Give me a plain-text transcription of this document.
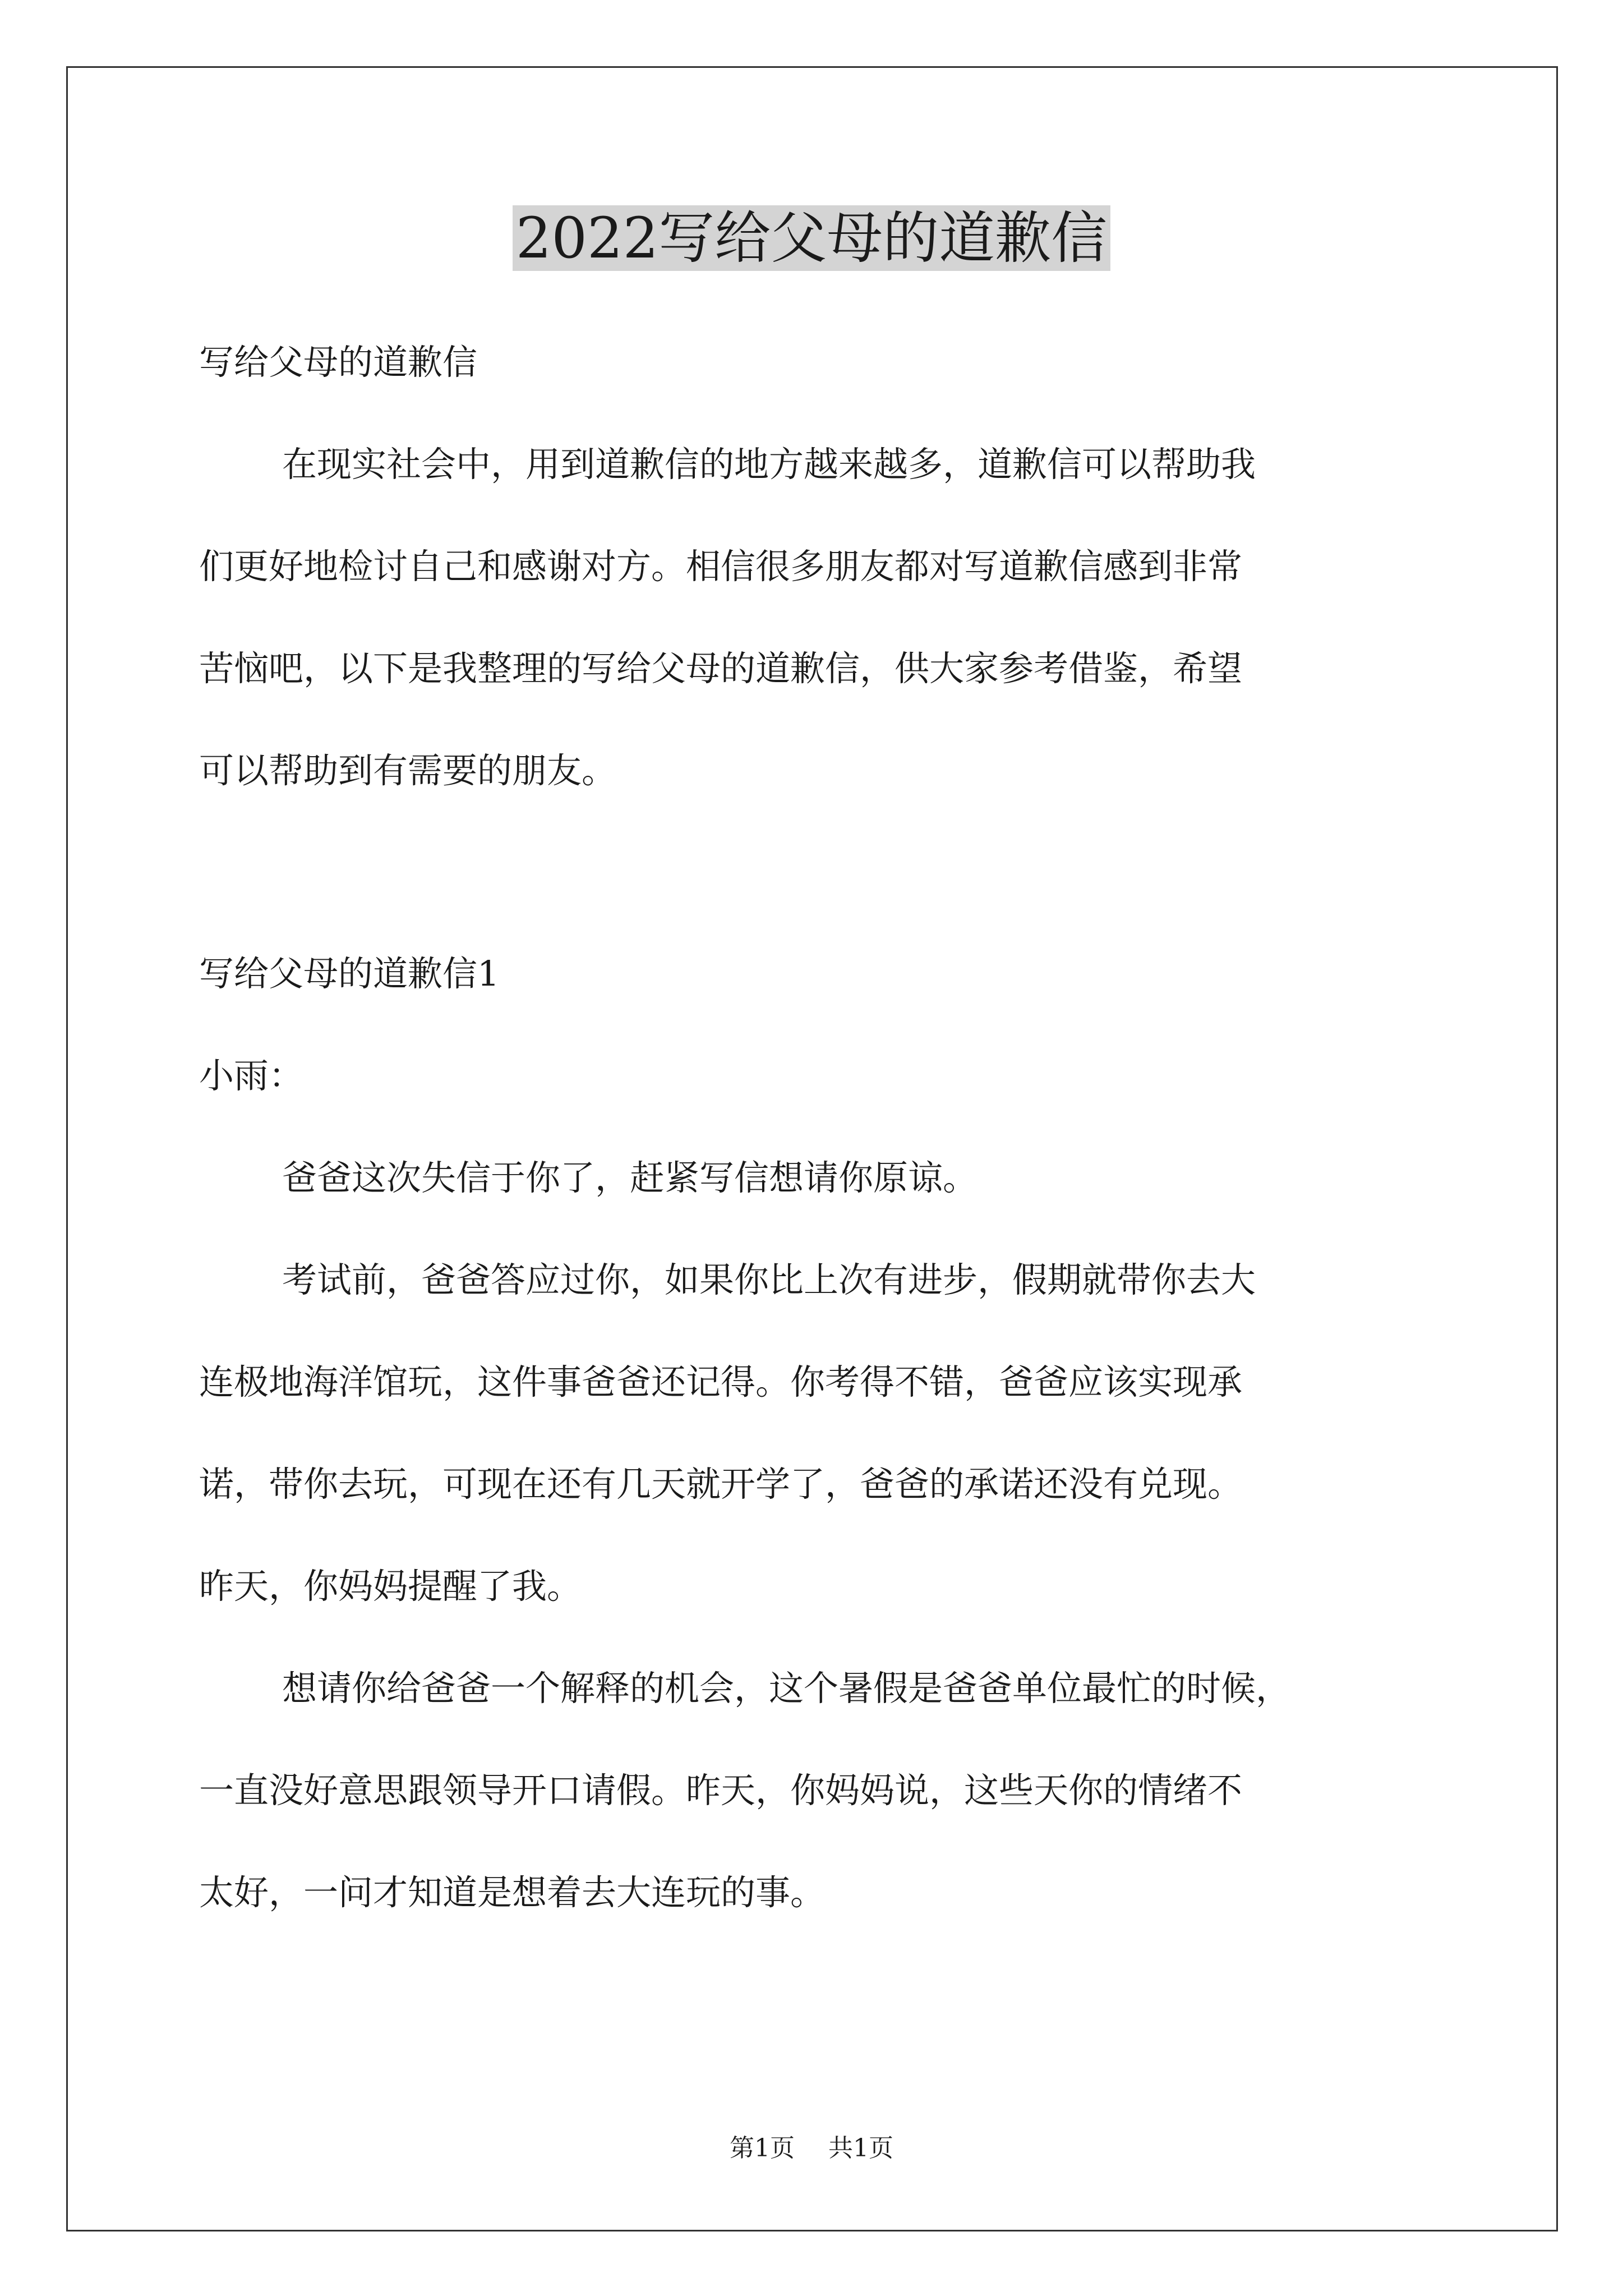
2022写给父母的道歉信
写给父母的道歉信
在现实社会中，用到道歉信的地方越来越多，道歉信可以帮助我
们更好地检讨自己和感谢对方。相信很多朋友都对写道歉信感到非常
苦恼吧，以下是我整理的写给父母的道歉信，供大家参考借鉴，希望
可以帮助到有需要的朋友。
写给父母的道歉信1
小雨：
爸爸这次失信于你了，赶紧写信想请你原谅。
考试前，爸爸答应过你，如果你比上次有进步，假期就带你去大
连极地海洋馆玩，这件事爸爸还记得。你考得不错，爸爸应该实现承
诺，带你去玩，可现在还有几天就开学了，爸爸的承诺还没有兑现。
昨天，你妈妈提醒了我。
想请你给爸爸一个解释的机会，这个暑假是爸爸单位最忙的时候，
一直没好意思跟领导开口请假。昨天，你妈妈说，这些天你的情绪不
太好，一问才知道是想着去大连玩的事。
第1页 共1页
